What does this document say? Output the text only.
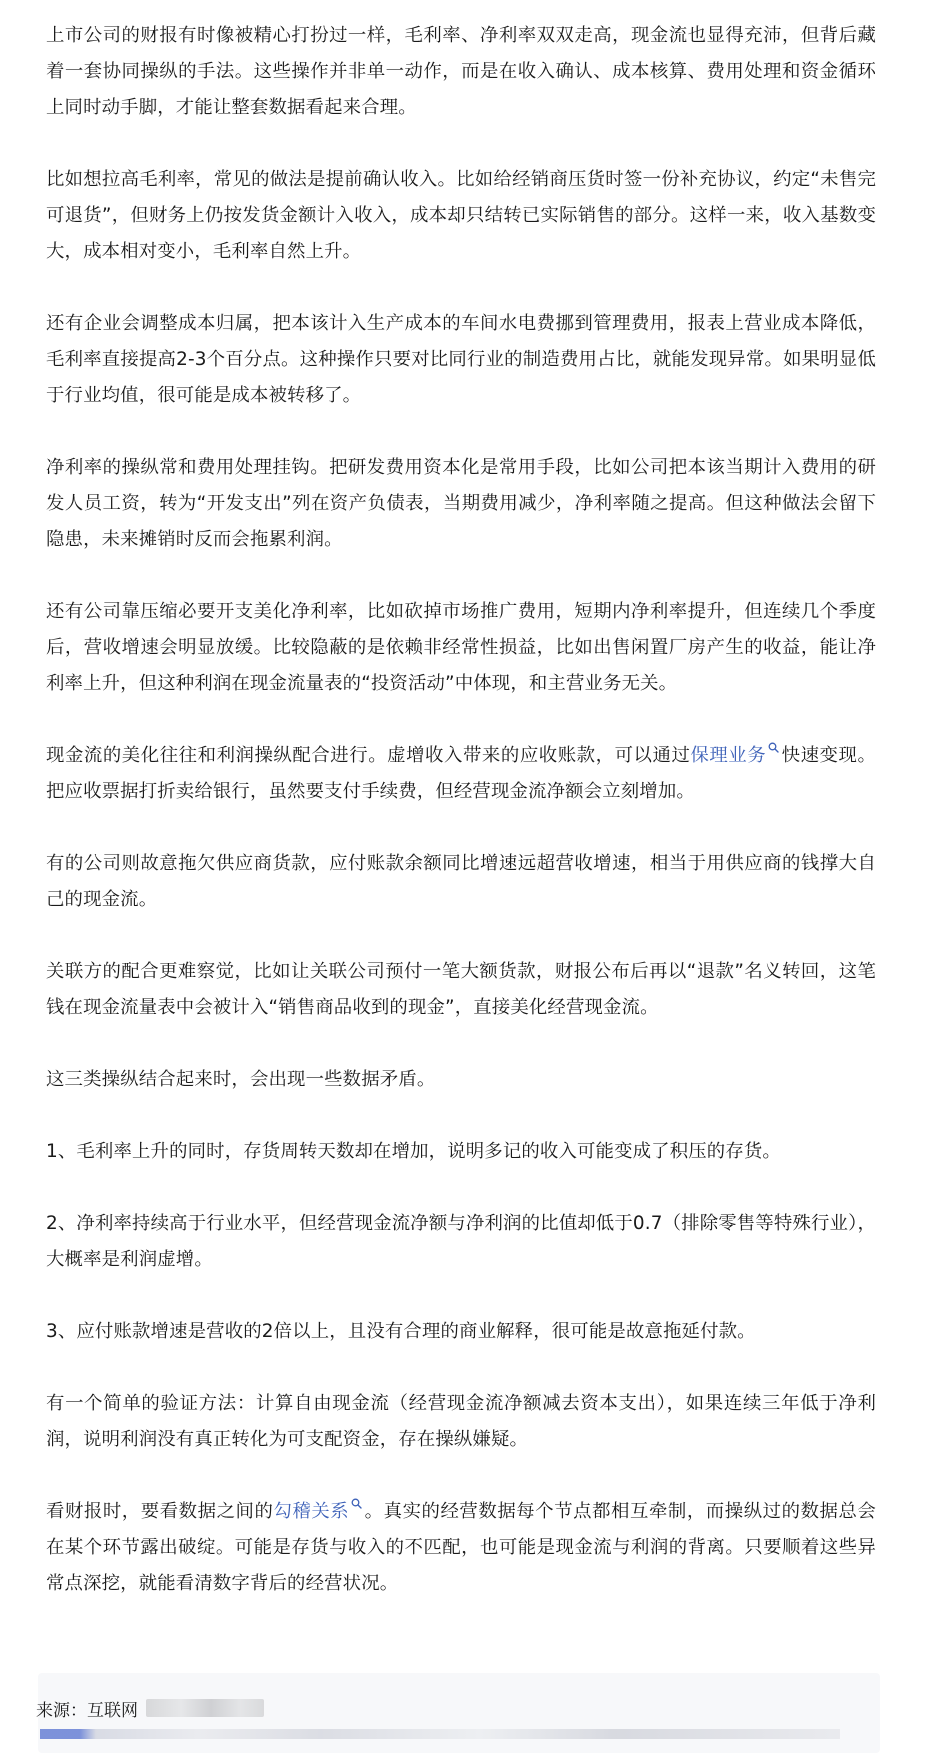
上市公司的财报有时像被精心打扮过一样，毛利率、净利率双双走高，现金流也显得充沛，但背后藏着一套协同操纵的手法。这些操作并非单一动作，而是在收入确认、成本核算、费用处理和资金循环上同时动手脚，才能让整套数据看起来合理。

比如想拉高毛利率，常见的做法是提前确认收入。比如给经销商压货时签一份补充协议，约定“未售完可退货”，但财务上仍按发货金额计入收入，成本却只结转已实际销售的部分。这样一来，收入基数变大，成本相对变小，毛利率自然上升。

还有企业会调整成本归属，把本该计入生产成本的车间水电费挪到管理费用，报表上营业成本降低，毛利率直接提高2-3个百分点。这种操作只要对比同行业的制造费用占比，就能发现异常。如果明显低于行业均值，很可能是成本被转移了。

净利率的操纵常和费用处理挂钩。把研发费用资本化是常用手段，比如公司把本该当期计入费用的研发人员工资，转为“开发支出”列在资产负债表，当期费用减少，净利率随之提高。但这种做法会留下隐患，未来摊销时反而会拖累利润。

还有公司靠压缩必要开支美化净利率，比如砍掉市场推广费用，短期内净利率提升，但连续几个季度后，营收增速会明显放缓。比较隐蔽的是依赖非经常性损益，比如出售闲置厂房产生的收益，能让净利率上升，但这种利润在现金流量表的“投资活动”中体现，和主营业务无关。

现金流的美化往往和利润操纵配合进行。虚增收入带来的应收账款，可以通过保理业务 快速变现。把应收票据打折卖给银行，虽然要支付手续费，但经营现金流净额会立刻增加。

有的公司则故意拖欠供应商货款，应付账款余额同比增速远超营收增速，相当于用供应商的钱撑大自己的现金流。

关联方的配合更难察觉，比如让关联公司预付一笔大额货款，财报公布后再以“退款”名义转回，这笔钱在现金流量表中会被计入“销售商品收到的现金”，直接美化经营现金流。

这三类操纵结合起来时，会出现一些数据矛盾。

1、毛利率上升的同时，存货周转天数却在增加，说明多记的收入可能变成了积压的存货。

2、净利率持续高于行业水平，但经营现金流净额与净利润的比值却低于0.7（排除零售等特殊行业），大概率是利润虚增。

3、应付账款增速是营收的2倍以上，且没有合理的商业解释，很可能是故意拖延付款。

有一个简单的验证方法：计算自由现金流（经营现金流净额减去资本支出），如果连续三年低于净利润，说明利润没有真正转化为可支配资金，存在操纵嫌疑。

看财报时，要看数据之间的勾稽关系 。真实的经营数据每个节点都相互牵制，而操纵过的数据总会在某个环节露出破绽。可能是存货与收入的不匹配，也可能是现金流与利润的背离。只要顺着这些异常点深挖，就能看清数字背后的经营状况。

来源：互联网
